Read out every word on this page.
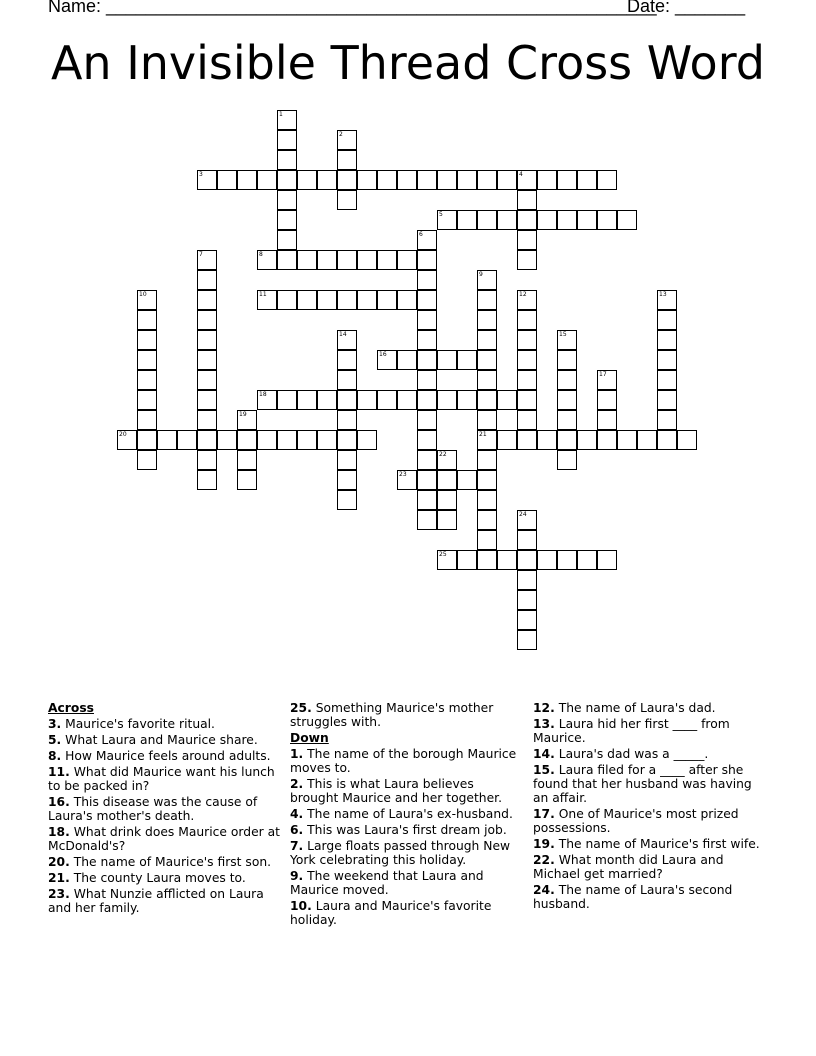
Name: _______________________________________________________
Date: _______
An Invisible Thread Cross Word
1
2
3	4
5
6
7	8
9
21
10	11	12	13
14	15
16
17
18
19
20
22
23
24
25
Across
3. Maurice's favorite ritual.
5. What Laura and Maurice share.
8. How Maurice feels around adults.
11. What did Maurice want his lunch to be packed in?
16. This disease was the cause of Laura's mother's death.
18. What drink does Maurice order at McDonald's?
20. The name of Maurice's first son.
21. The county Laura moves to.
23. What Nunzie afflicted on Laura and her family.
25. Something Maurice's mother struggles with.
Down
1. The name of the borough Maurice moves to.
2. This is what Laura believes brought Maurice and her together.
4. The name of Laura's ex-husband.
6. This was Laura's first dream job.
7. Large floats passed through New York celebrating this holiday.
9. The weekend that Laura and Maurice moved.
10. Laura and Maurice's favorite holiday.
12. The name of Laura's dad.
13. Laura hid her first ____ from Maurice.
14. Laura's dad was a _____.
15. Laura filed for a ____ after she found that her husband was having an affair.
17. One of Maurice's most prized possessions.
19. The name of Maurice's first wife.
22. What month did Laura and Michael get married?
24. The name of Laura's second husband.
